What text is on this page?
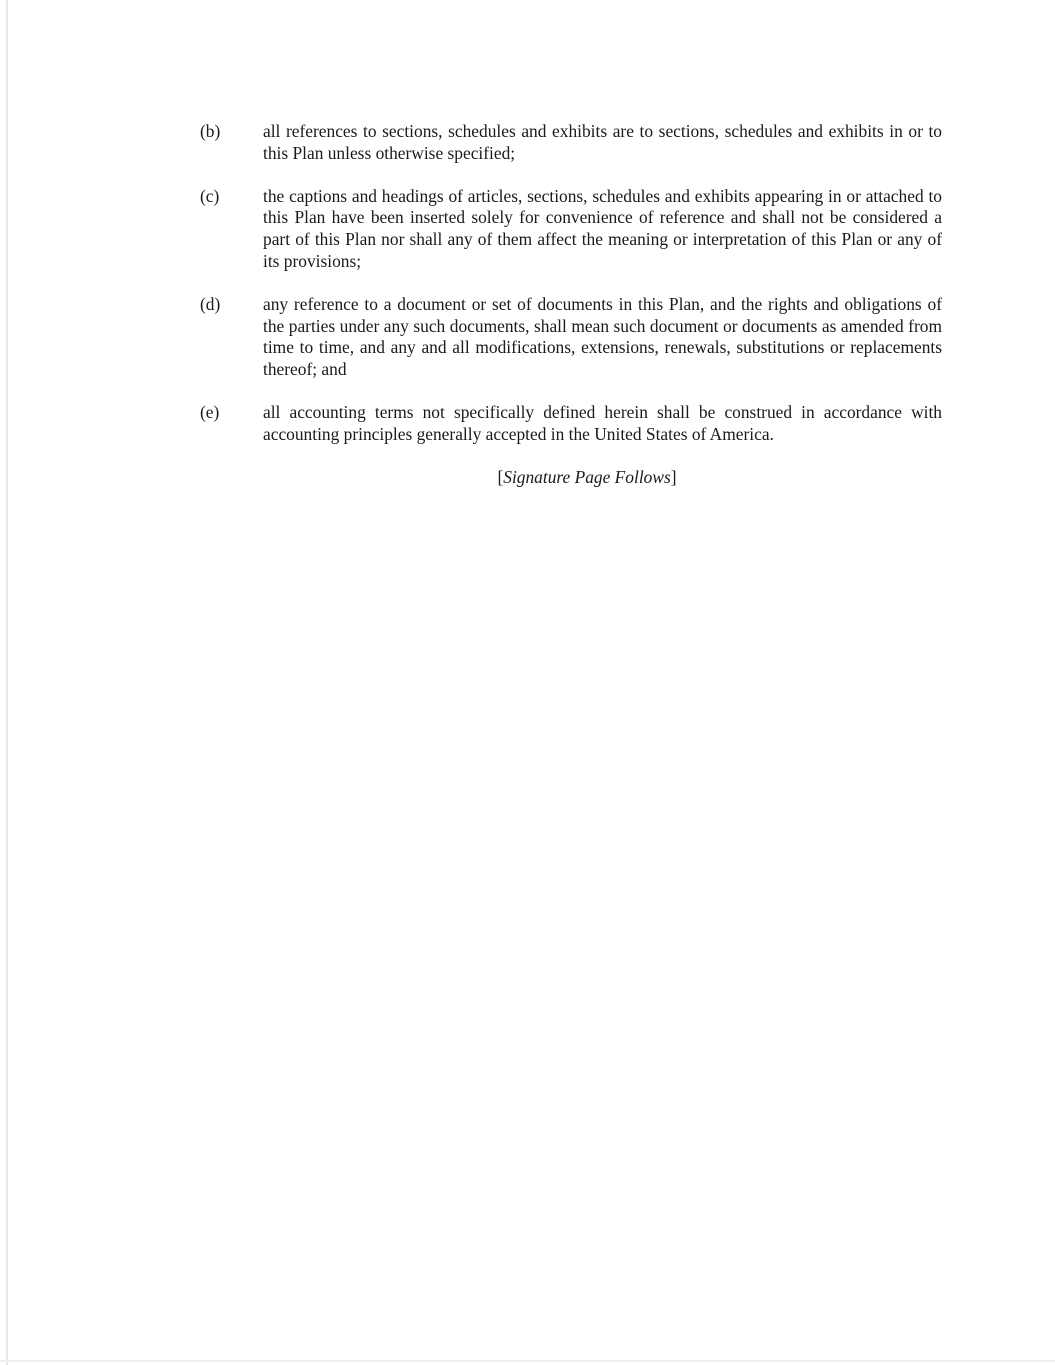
(b)	all references to sections, schedules and exhibits are to sections, schedules and exhibits in or to this Plan unless otherwise specified;
(c)	the captions and headings of articles, sections, schedules and exhibits appearing in or attached to this Plan have been inserted solely for convenience of reference and shall not be considered a part of this Plan nor shall any of them affect the meaning or interpretation of this Plan or any of its provisions;
(d)	any reference to a document or set of documents in this Plan, and the rights and obligations of the parties under any such documents, shall mean such document or documents as amended from time to time, and any and all modifications, extensions, renewals, substitutions or replacements thereof; and
(e)	all accounting terms not specifically defined herein shall be construed in accordance with accounting principles generally accepted in the United States of America.
[Signature Page Follows]
